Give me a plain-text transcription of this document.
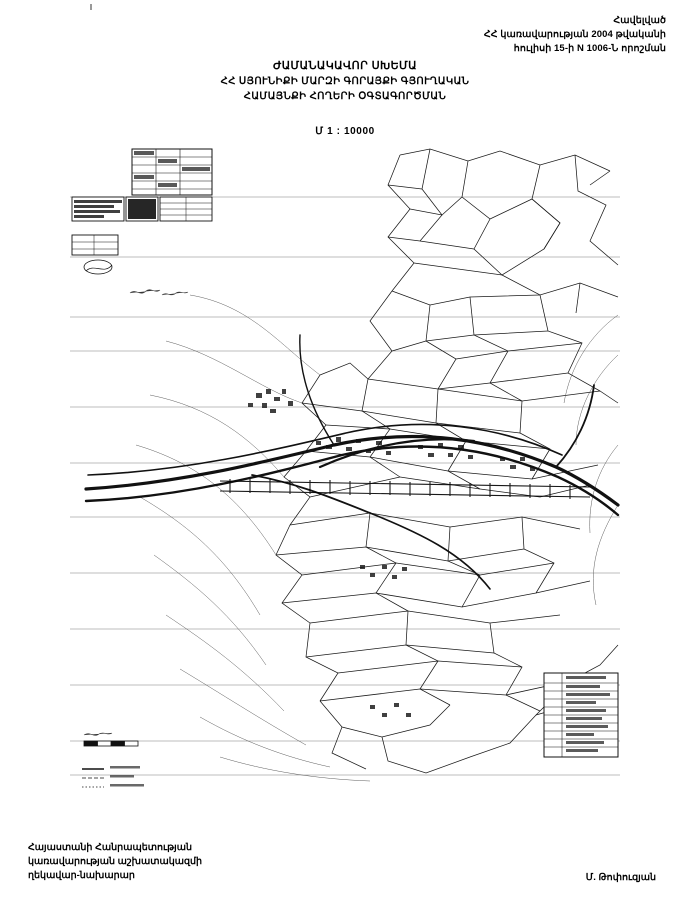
Հավելված
ՀՀ կառավարության 2004 թվականի
հուլիսի 15-ի N 1006-Ն որոշման
ԺԱՄԱՆԱԿԱՎՈՐ ՍԽԵՄԱ
ՀՀ ՍՅՈՒՆԻՔԻ ՄԱՐԶԻ ԳՈՐԱՅՔԻ ԳՅՈՒՂԱԿԱՆ
ՀԱՄԱՅՆՔԻ ՀՈՂԵՐԻ ՕԳՏԱԳՈՐԾՄԱՆ
Մ 1 : 10000
Հայաստանի Հանրապետության
կառավարության աշխատակազմի
ղեկավար-նախարար	Մ. Թոփուզյան
